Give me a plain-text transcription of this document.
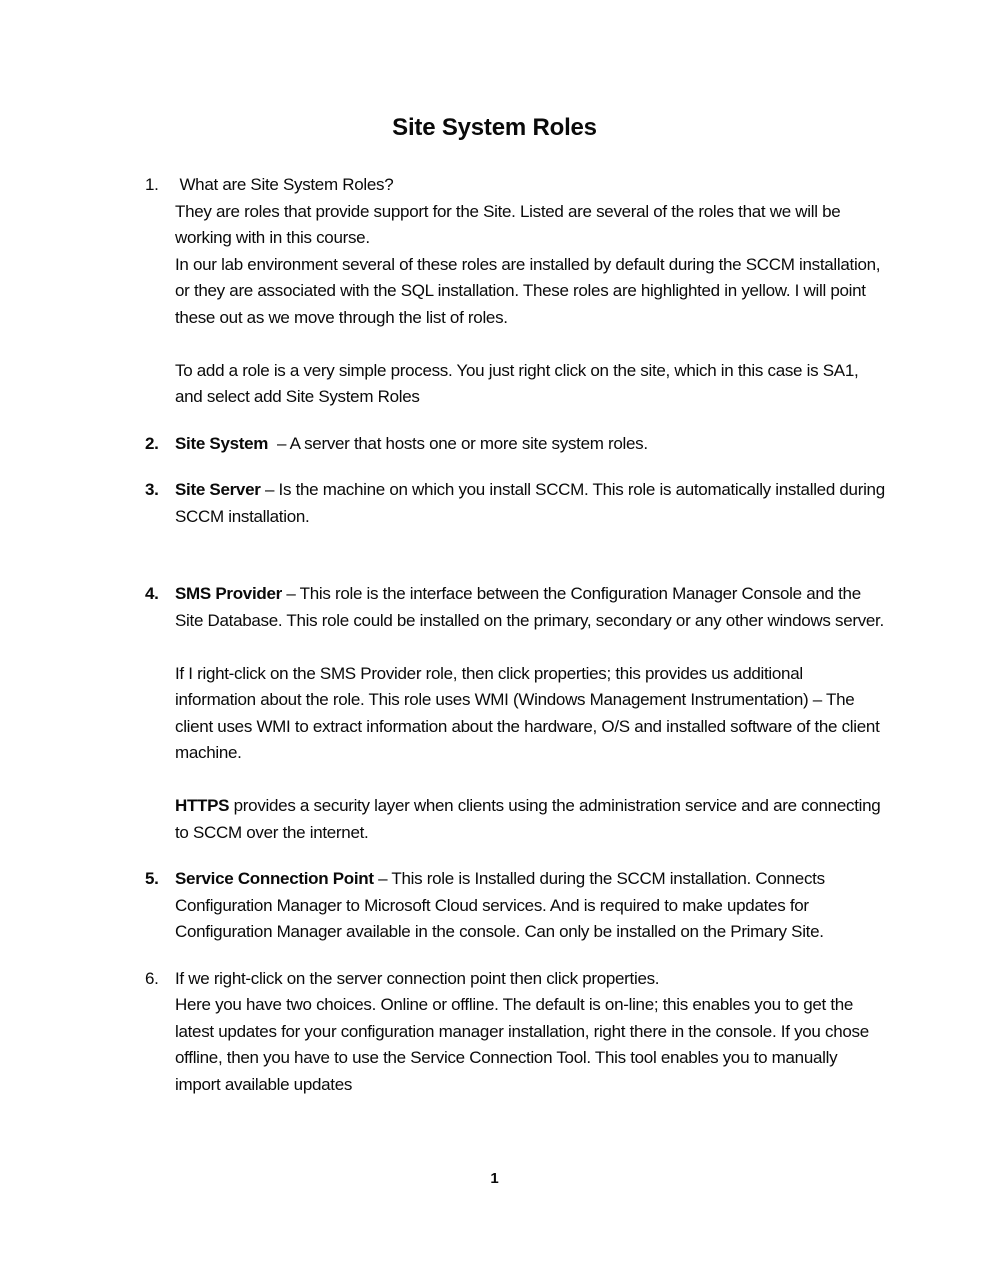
Site System Roles
1. What are Site System Roles?

They are roles that provide support for the Site. Listed are several of the roles that we will be working with in this course.

In our lab environment several of these roles are installed by default during the SCCM installation, or they are associated with the SQL installation. These roles are highlighted in yellow. I will point these out as we move through the list of roles.

To add a role is a very simple process. You just right click on the site, which in this case is SA1, and select add Site System Roles

2. Site System  – A server that hosts one or more site system roles.

3. Site Server – Is the machine on which you install SCCM. This role is automatically installed during SCCM installation.

4. SMS Provider – This role is the interface between the Configuration Manager Console and the Site Database. This role could be installed on the primary, secondary or any other windows server.

If I right-click on the SMS Provider role, then click properties; this provides us additional information about the role. This role uses WMI (Windows Management Instrumentation) – The client uses WMI to extract information about the hardware, O/S and installed software of the client machine.

HTTPS provides a security layer when clients using the administration service and are connecting to SCCM over the internet.

5. Service Connection Point – This role is Installed during the SCCM installation. Connects Configuration Manager to Microsoft Cloud services. And is required to make updates for Configuration Manager available in the console. Can only be installed on the Primary Site.

6. If we right-click on the server connection point then click properties.

Here you have two choices. Online or offline. The default is on-line; this enables you to get the latest updates for your configuration manager installation, right there in the console. If you chose offline, then you have to use the Service Connection Tool. This tool enables you to manually import available updates

1
